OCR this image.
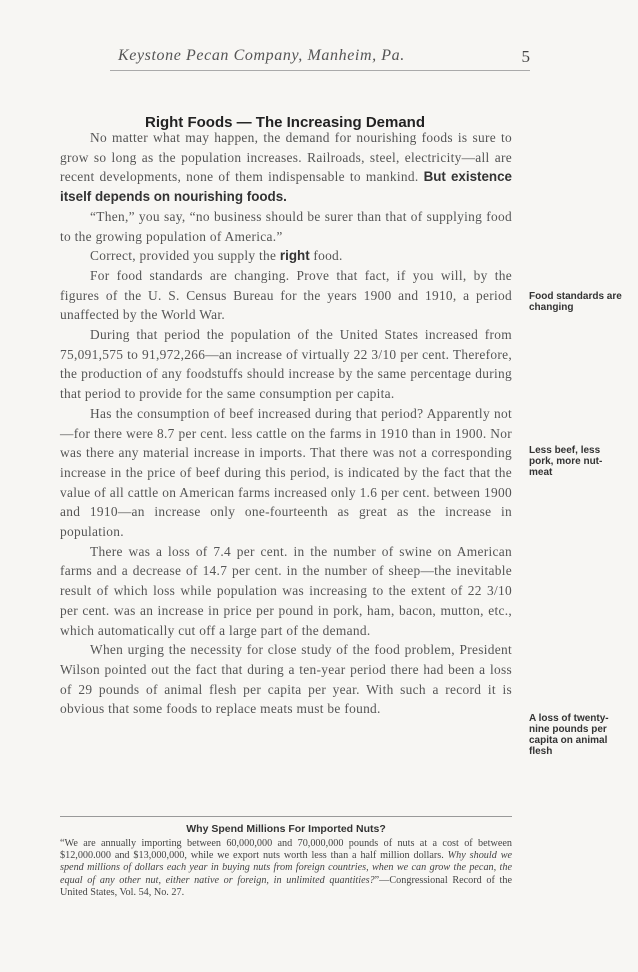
Keystone Pecan Company, Manheim, Pa.	5
Right Foods — The Increasing Demand

No matter what may happen, the demand for nourishing foods is sure to grow so long as the population increases. Railroads, steel, electricity—all are recent developments, none of them indispensable to mankind. But existence itself depends on nourishing foods.

“Then,” you say, “no business should be surer than that of supplying food to the growing population of America.”

Correct, provided you supply the right food.

For food standards are changing. Prove that fact, if you will, by the figures of the U. S. Census Bureau for the years 1900 and 1910, a period unaffected by the World War.

During that period the population of the United States increased from 75,091,575 to 91,972,266—an increase of virtually 22 3/10 per cent. Therefore, the production of any foodstuffs should increase by the same percentage during that period to provide for the same consumption per capita.

Has the consumption of beef increased during that period? Apparently not—for there were 8.7 per cent. less cattle on the farms in 1910 than in 1900. Nor was there any material increase in imports. That there was not a corresponding increase in the price of beef during this period, is indicated by the fact that the value of all cattle on American farms increased only 1.6 per cent. between 1900 and 1910—an increase only one-fourteenth as great as the increase in population.

There was a loss of 7.4 per cent. in the number of swine on American farms and a decrease of 14.7 per cent. in the number of sheep—the inevitable result of which loss while population was increasing to the extent of 22 3/10 per cent. was an increase in price per pound in pork, ham, bacon, mutton, etc., which automatically cut off a large part of the demand.

When urging the necessity for close study of the food problem, President Wilson pointed out the fact that during a ten-year period there had been a loss of 29 pounds of animal flesh per capita per year. With such a record it is obvious that some foods to replace meats must be found.

Food standards are changing
Less beef, less pork, more nut-meat
A loss of twenty-nine pounds per capita on animal flesh
Why Spend Millions For Imported Nuts?
“We are annually importing between 60,000,000 and 70,000,000 pounds of nuts at a cost of between $12,000.000 and $13,000,000, while we export nuts worth less than a half million dollars. Why should we spend millions of dollars each year in buying nuts from foreign countries, when we can grow the pecan, the equal of any other nut, either native or foreign, in unlimited quantities?”—Congressional Record of the United States, Vol. 54, No. 27.
